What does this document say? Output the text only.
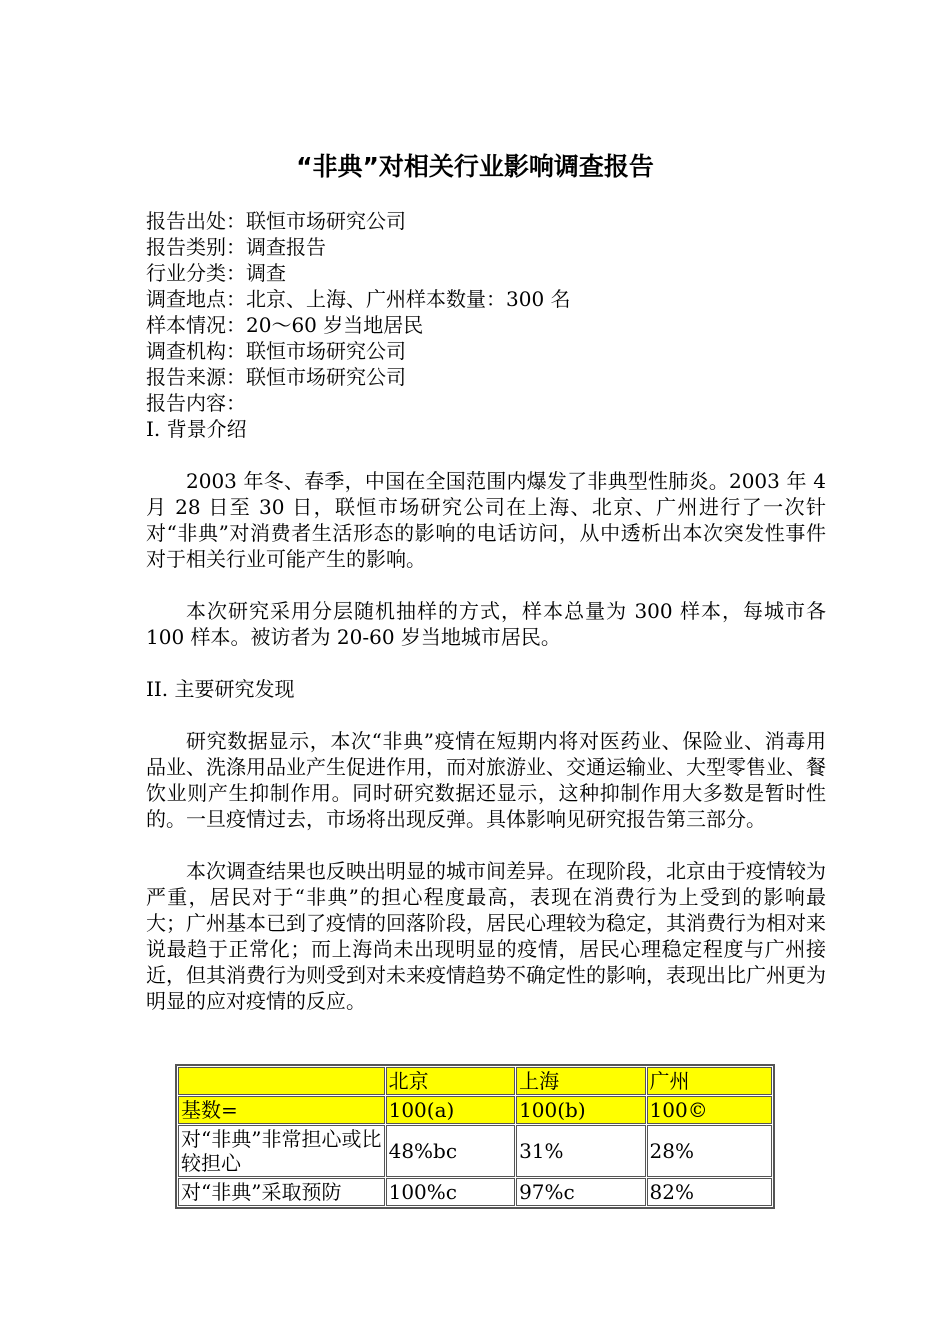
“非典”对相关行业影响调查报告
报告出处：联恒市场研究公司
报告类别：调查报告
行业分类：调查
调查地点：北京、上海、广州样本数量：300 名
样本情况：20～60 岁当地居民
调查机构：联恒市场研究公司
报告来源：联恒市场研究公司
报告内容：
I. 背景介绍

2003 年冬、春季，中国在全国范围内爆发了非典型性肺炎。2003 年 4 月 28 日至 30 日，联恒市场研究公司在上海、北京、广州进行了一次针对“非典”对消费者生活形态的影响的电话访问，从中透析出本次突发性事件对于相关行业可能产生的影响。

本次研究采用分层随机抽样的方式，样本总量为 300 样本，每城市各 100 样本。被访者为 20-60 岁当地城市居民。

II. 主要研究发现

研究数据显示，本次“非典”疫情在短期内将对医药业、保险业、消毒用品业、洗涤用品业产生促进作用，而对旅游业、交通运输业、大型零售业、餐饮业则产生抑制作用。同时研究数据还显示，这种抑制作用大多数是暂时性的。一旦疫情过去，市场将出现反弹。具体影响见研究报告第三部分。

本次调查结果也反映出明显的城市间差异。在现阶段，北京由于疫情较为严重，居民对于“非典”的担心程度最高，表现在消费行为上受到的影响最大；广州基本已到了疫情的回落阶段，居民心理较为稳定，其消费行为相对来说最趋于正常化；而上海尚未出现明显的疫情，居民心理稳定程度与广州接近，但其消费行为则受到对未来疫情趋势不确定性的影响，表现出比广州更为明显的应对疫情的反应。

	北京	上海	广州
基数=	100(a)	100(b)	100©
对“非典”非常担心或比较担心	48%bc	31%	28%
对“非典”采取预防	100%c	97%c	82%
